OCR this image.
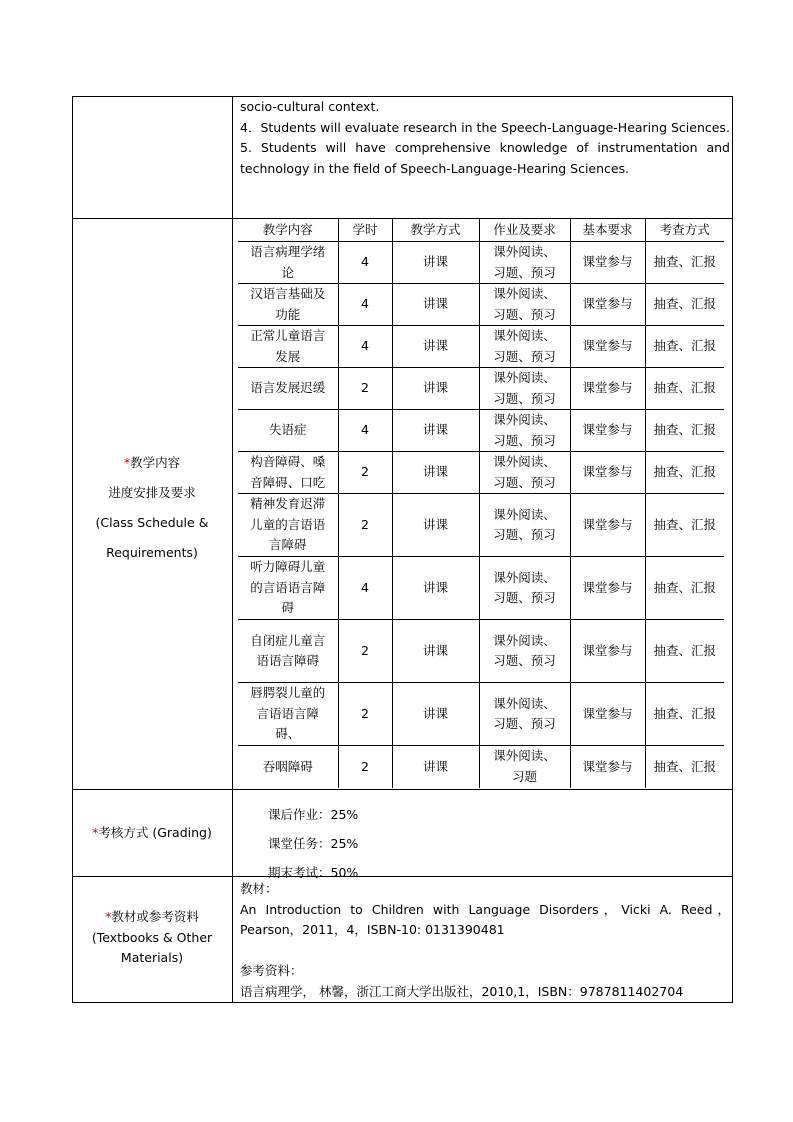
socio-cultural context.

4．Students will evaluate research in the Speech-Language-Hearing Sciences.

5. Students will have comprehensive knowledge of instrumentation and technology in the field of Speech-Language-Hearing Sciences.

*教学内容
进度安排及要求
(Class Schedule &
Requirements)
教学内容	学时	教学方式	作业及要求	基本要求	考查方式
语言病理学绪论	4	讲课	课外阅读、习题、预习	课堂参与	抽查、汇报
汉语言基础及功能	4	讲课	课外阅读、习题、预习	课堂参与	抽查、汇报
正常儿童语言发展	4	讲课	课外阅读、习题、预习	课堂参与	抽查、汇报
语言发展迟缓	2	讲课	课外阅读、习题、预习	课堂参与	抽查、汇报
失语症	4	讲课	课外阅读、习题、预习	课堂参与	抽查、汇报
构音障碍、嗓音障碍、口吃	2	讲课	课外阅读、习题、预习	课堂参与	抽查、汇报
精神发育迟滞儿童的言语语言障碍	2	讲课	课外阅读、习题、预习	课堂参与	抽查、汇报
听力障碍儿童的言语语言障碍	4	讲课	课外阅读、习题、预习	课堂参与	抽查、汇报
自闭症儿童言语语言障碍	2	讲课	课外阅读、习题、预习	课堂参与	抽查、汇报
唇腭裂儿童的言语语言障碍、	2	讲课	课外阅读、习题、预习	课堂参与	抽查、汇报
吞咽障碍	2	讲课	课外阅读、习题	课堂参与	抽查、汇报
*考核方式 (Grading)
课后作业：25%
课堂任务：25%
期末考试：50%
*教材或参考资料
(Textbooks & Other
Materials)

教材：

An Introduction to Children with Language Disorders，Vicki A. Reed，Pearson，2011，4，ISBN-10: 0131390481

参考资料：

语言病理学， 林馨，浙江工商大学出版社，2010,1，ISBN：9787811402704
